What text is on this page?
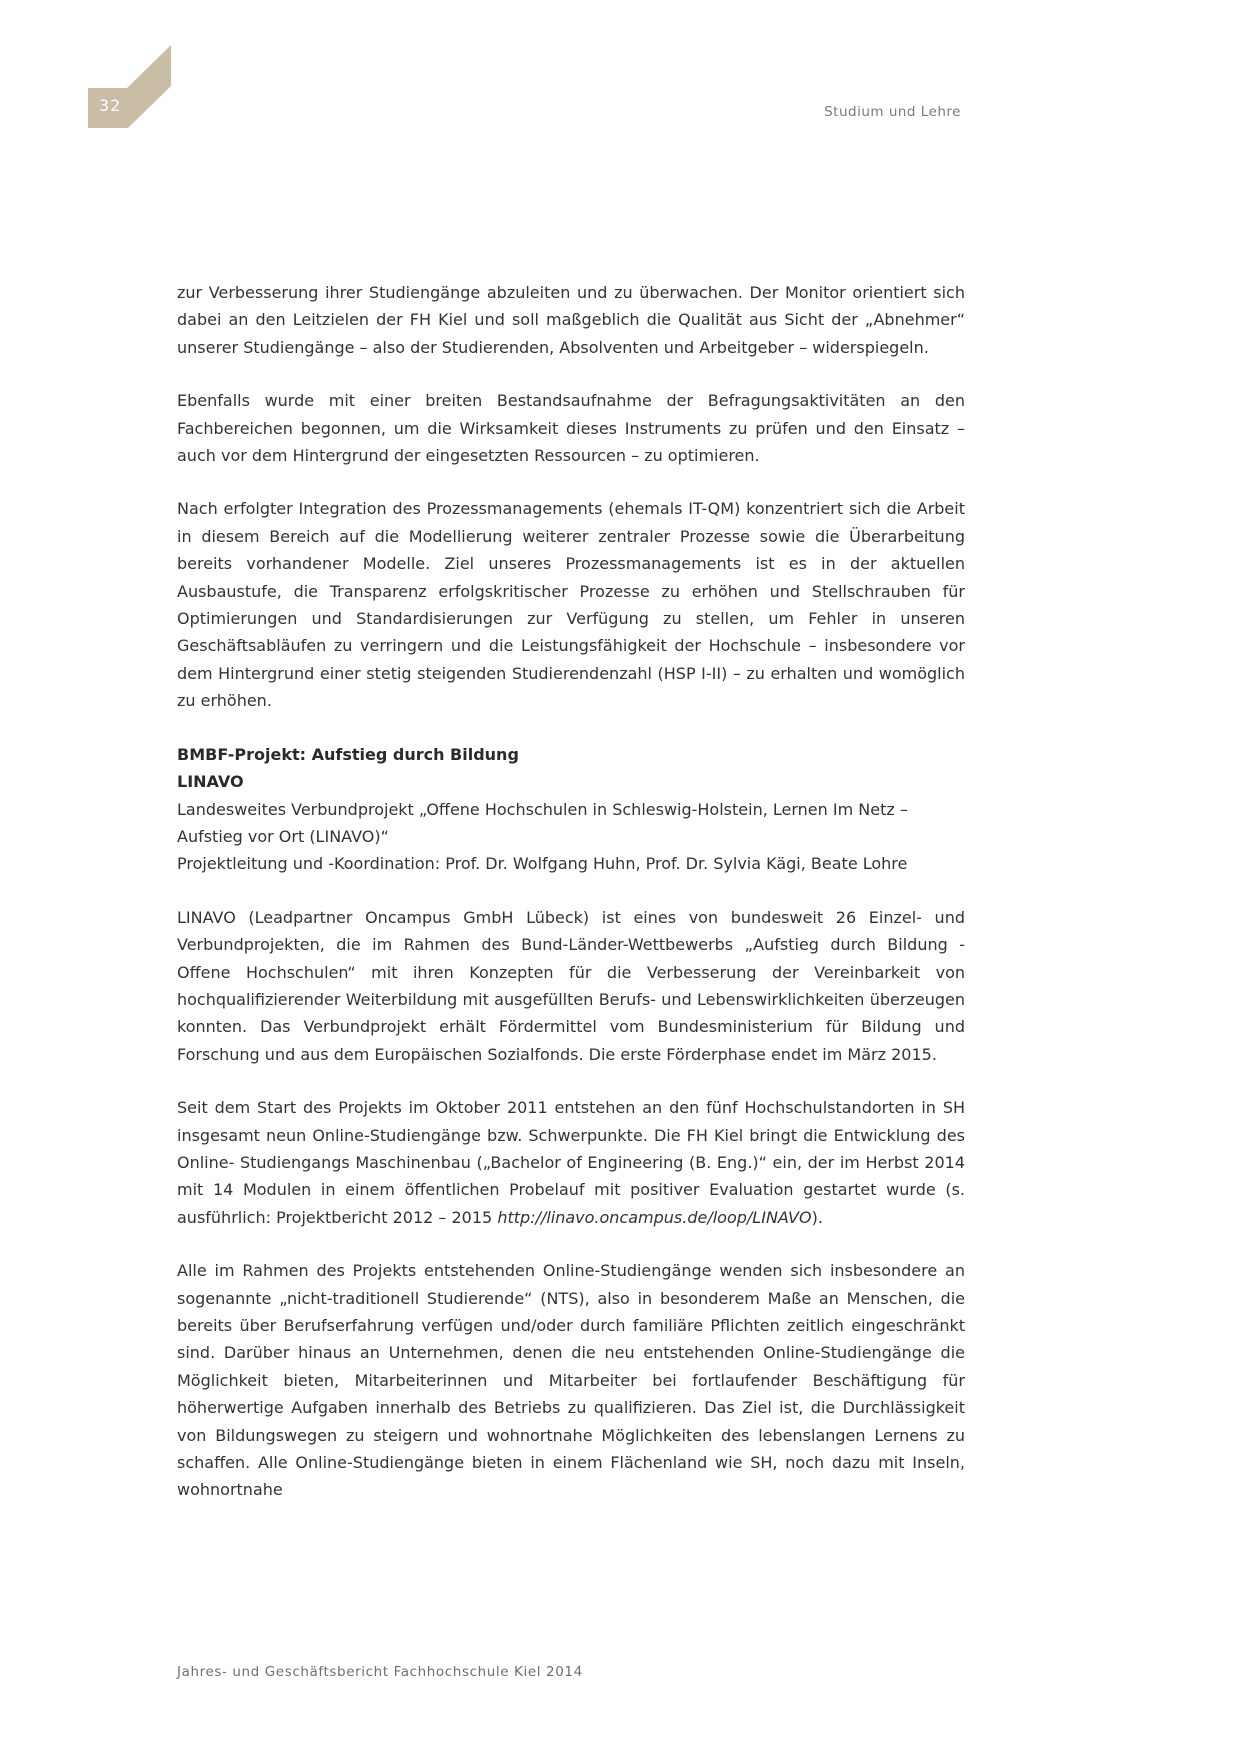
32	Studium und Lehre

zur Verbesserung ihrer Studiengänge abzuleiten und zu überwachen. Der Monitor orientiert sich dabei an den Leitzielen der FH Kiel und soll maßgeblich die Qualität aus Sicht der „Abnehmer“ unserer Studiengänge – also der Studierenden, Absolventen und Arbeitgeber – widerspiegeln.

Ebenfalls wurde mit einer breiten Bestandsaufnahme der Befragungsaktivitäten an den Fachbereichen begonnen, um die Wirksamkeit dieses Instruments zu prüfen und den Einsatz – auch vor dem Hintergrund der eingesetzten Ressourcen – zu optimieren.

Nach erfolgter Integration des Prozessmanagements (ehemals IT-QM) konzentriert sich die Arbeit in diesem Bereich auf die Modellierung weiterer zentraler Prozesse sowie die Überarbeitung bereits vorhandener Modelle. Ziel unseres Prozessmanagements ist es in der aktuellen Ausbaustufe, die Transparenz erfolgskritischer Prozesse zu erhöhen und Stellschrauben für Optimierungen und Standardisierungen zur Verfügung zu stellen, um Fehler in unseren Geschäftsabläufen zu verringern und die Leistungsfähigkeit der Hochschule – insbesondere vor dem Hintergrund einer stetig steigenden Studierendenzahl (HSP I-II) – zu erhalten und womöglich zu erhöhen.

BMBF-Projekt: Aufstieg durch Bildung
LINAVO
Landesweites Verbundprojekt „Offene Hochschulen in Schleswig-Holstein, Lernen Im Netz – Aufstieg vor Ort (LINAVO)“
Projektleitung und -Koordination: Prof. Dr. Wolfgang Huhn, Prof. Dr. Sylvia Kägi, Beate Lohre

LINAVO (Leadpartner Oncampus GmbH Lübeck) ist eines von bundesweit 26 Einzel- und Verbundprojekten, die im Rahmen des Bund-Länder-Wettbewerbs „Aufstieg durch Bildung - Offene Hochschulen“ mit ihren Konzepten für die Verbesserung der Vereinbarkeit von hochqualifizierender Weiterbildung mit ausgefüllten Berufs- und Lebenswirklichkeiten überzeugen konnten. Das Verbundprojekt erhält Fördermittel vom Bundesministerium für Bildung und Forschung und aus dem Europäischen Sozialfonds. Die erste Förderphase endet im März 2015.

Seit dem Start des Projekts im Oktober 2011 entstehen an den fünf Hochschulstandorten in SH insgesamt neun Online-Studiengänge bzw. Schwerpunkte. Die FH Kiel bringt die Entwicklung des Online- Studiengangs Maschinenbau („Bachelor of Engineering (B. Eng.)“ ein, der im Herbst 2014 mit 14 Modulen in einem öffentlichen Probelauf mit positiver Evaluation gestartet wurde (s. ausführlich: Projektbericht 2012 – 2015 http://linavo.oncampus.de/loop/LINAVO).

Alle im Rahmen des Projekts entstehenden Online-Studiengänge wenden sich insbesondere an sogenannte „nicht-traditionell Studierende“ (NTS), also in besonderem Maße an Menschen, die bereits über Berufserfahrung verfügen und/oder durch familiäre Pflichten zeitlich eingeschränkt sind. Darüber hinaus an Unternehmen, denen die neu entstehenden Online-Studiengänge die Möglichkeit bieten, Mitarbeiterinnen und Mitarbeiter bei fortlaufender Beschäftigung für höherwertige Aufgaben innerhalb des Betriebs zu qualifizieren. Das Ziel ist, die Durchlässigkeit von Bildungswegen zu steigern und wohnortnahe Möglichkeiten des lebenslangen Lernens zu schaffen. Alle Online-Studiengänge bieten in einem Flächenland wie SH, noch dazu mit Inseln, wohnortnahe

Jahres- und Geschäftsbericht Fachhochschule Kiel 2014
